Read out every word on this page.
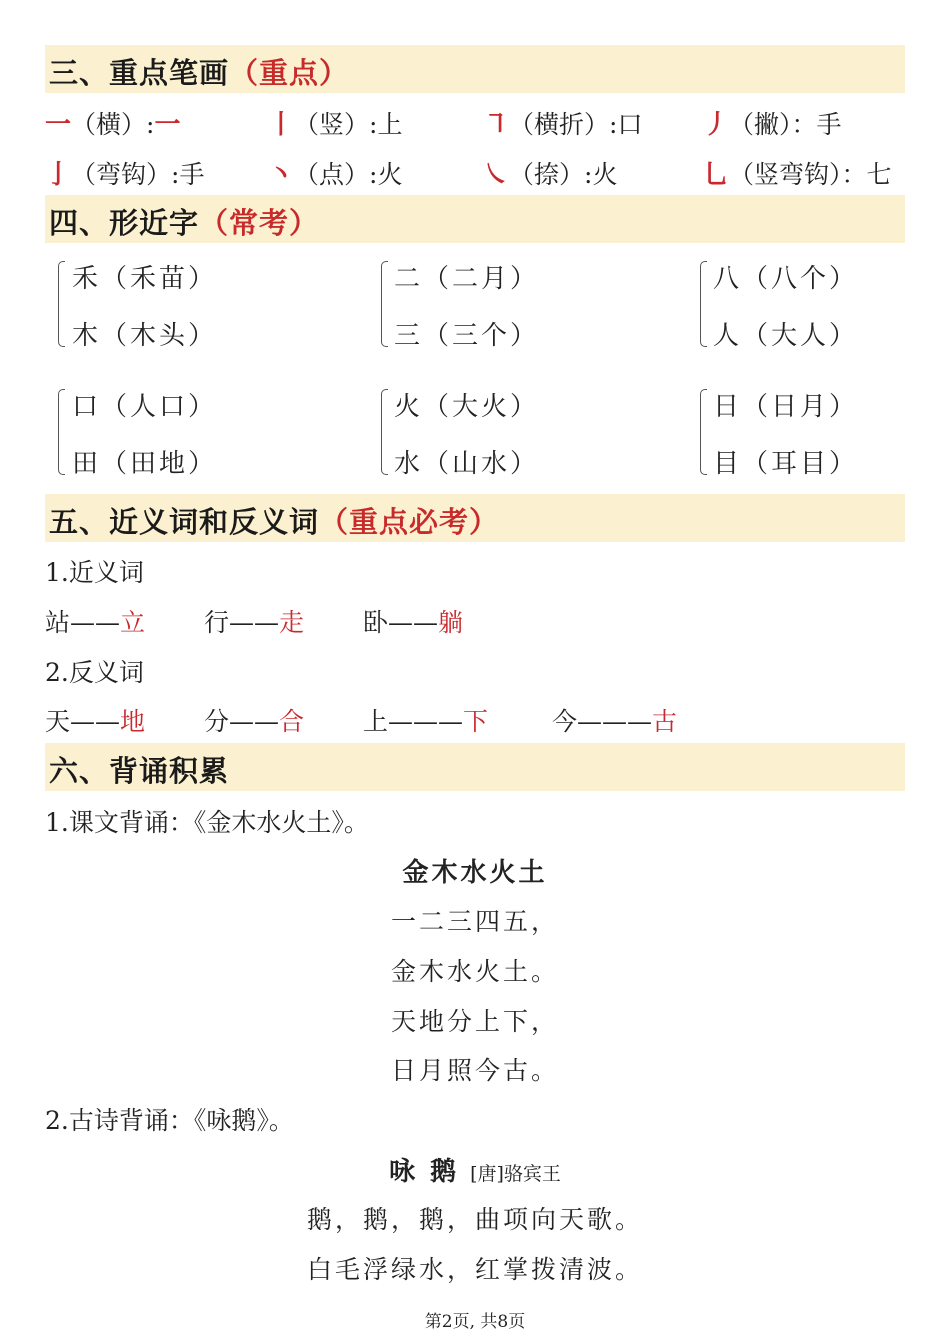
三、重点笔画（重点）
一（横）:一	丨（竖）:上	㇕（横折）:口 丿（撇）：手
亅（弯钩）:手 丶（点）:火	㇏（捺）:火	乚（竖弯钩）：七
四、形近字（常考）
禾（禾苗）
木（木头）
二（二月）
三（三个）
八（八个）
人（大人）
口（人口）
田（田地）
火（大火）
水（山水）
日（日月）
目（耳目）
五、近义词和反义词（重点必考）
1.近义词
站——立 行——走 卧——躺
2.反义词
天——地 分——合 上———下	今———古
六、背诵积累
1.课文背诵：《金木水火土》。
金木水火土
一二三四五，
金木水火土。
天地分上下，
日月照今古。
2.古诗背诵：《咏鹅》。
咏 鹅 [唐]骆宾王
鹅，鹅，鹅，曲项向天歌。
白毛浮绿水，红掌拨清波。
第2页, 共8页
